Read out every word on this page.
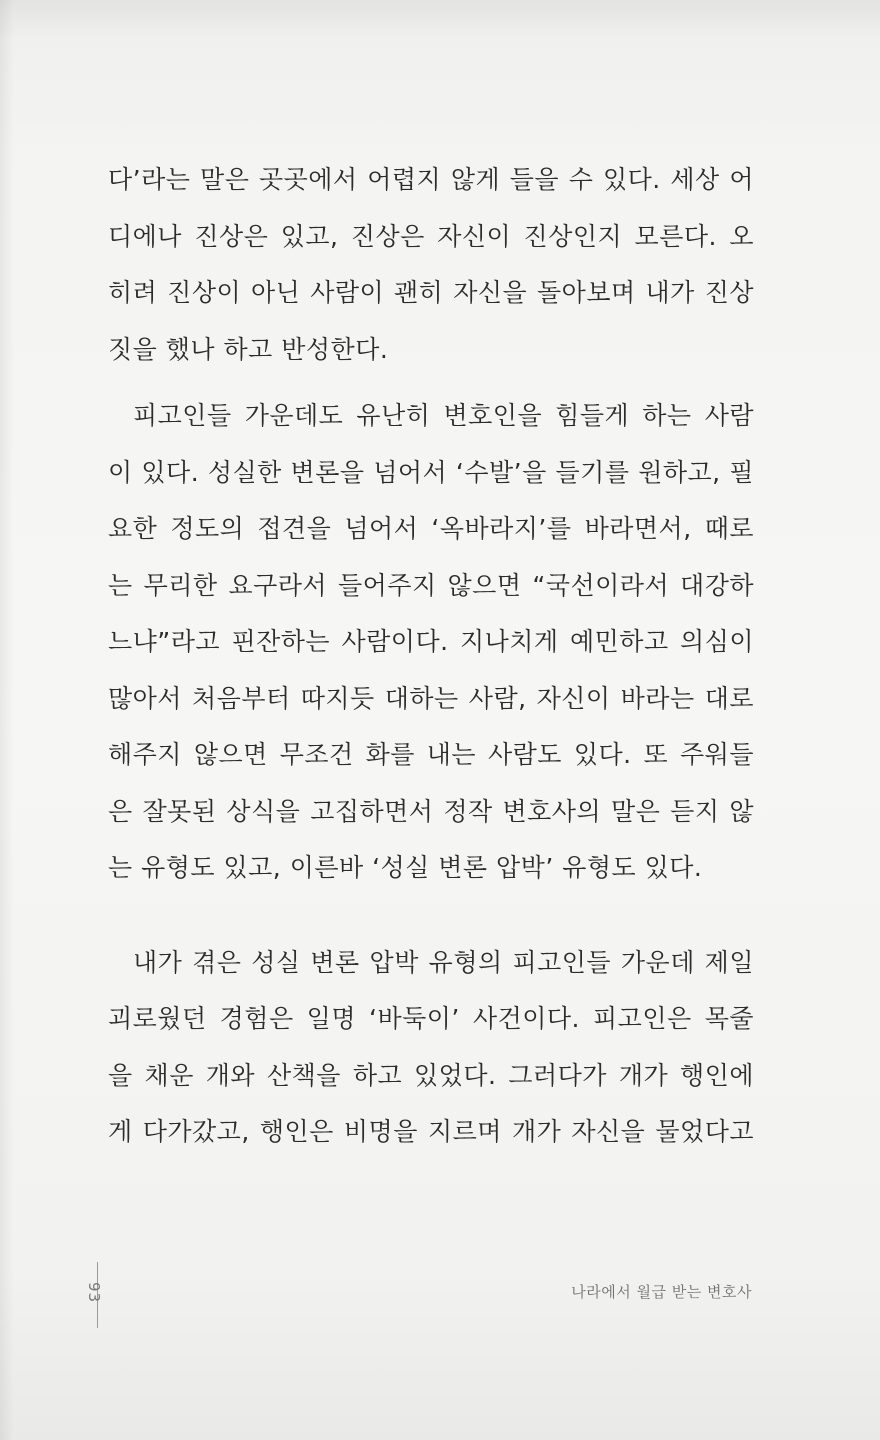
다’라는 말은 곳곳에서 어렵지 않게 들을 수 있다. 세상 어
디에나 진상은 있고, 진상은 자신이 진상인지 모른다. 오
히려 진상이 아닌 사람이 괜히 자신을 돌아보며 내가 진상
짓을 했나 하고 반성한다.
피고인들 가운데도 유난히 변호인을 힘들게 하는 사람
이 있다. 성실한 변론을 넘어서 ‘수발’을 들기를 원하고, 필
요한 정도의 접견을 넘어서 ‘옥바라지’를 바라면서, 때로
는 무리한 요구라서 들어주지 않으면 “국선이라서 대강하
느냐”라고 핀잔하는 사람이다. 지나치게 예민하고 의심이
많아서 처음부터 따지듯 대하는 사람, 자신이 바라는 대로
해주지 않으면 무조건 화를 내는 사람도 있다. 또 주워들
은 잘못된 상식을 고집하면서 정작 변호사의 말은 듣지 않
는 유형도 있고, 이른바 ‘성실 변론 압박’ 유형도 있다.
내가 겪은 성실 변론 압박 유형의 피고인들 가운데 제일
괴로웠던 경험은 일명 ‘바둑이’ 사건이다. 피고인은 목줄
을 채운 개와 산책을 하고 있었다. 그러다가 개가 행인에
게 다가갔고, 행인은 비명을 지르며 개가 자신을 물었다고
93	나라에서 월급 받는 변호사
